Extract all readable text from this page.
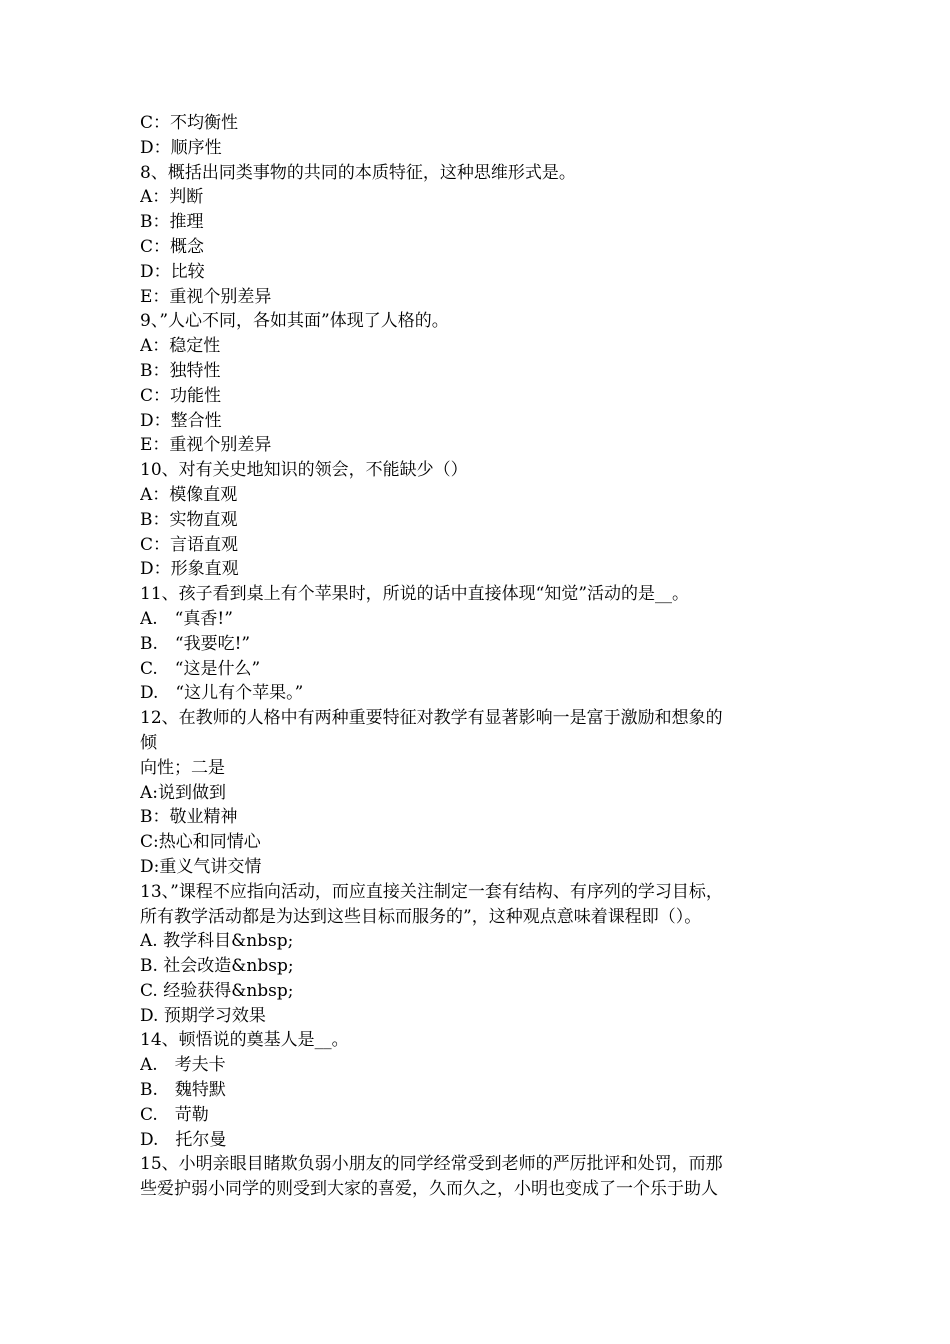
C：不均衡性
D：顺序性
8、概括出同类事物的共同的本质特征，这种思维形式是。
A：判断
B：推理
C：概念
D：比较
E：重视个别差异
9、”人心不同，各如其面”体现了人格的。
A：稳定性
B：独特性
C：功能性
D：整合性
E：重视个别差异
10、对有关史地知识的领会，不能缺少（）
A：模像直观
B：实物直观
C：言语直观
D：形象直观
11、孩子看到桌上有个苹果时，所说的话中直接体现“知觉”活动的是__。
A.　“真香!”
B.　“我要吃!”
C.　“这是什么”
D.　“这儿有个苹果。”
12、在教师的人格中有两种重要特征对教学有显著影响一是富于激励和想象的
倾
向性；二是
A:说到做到
B：敬业精神
C:热心和同情心
D:重义气讲交情
13、”课程不应指向活动，而应直接关注制定一套有结构、有序列的学习目标，
所有教学活动都是为达到这些目标而服务的”，这种观点意味着课程即（）。
A. 教学科目&nbsp;
B. 社会改造&nbsp;
C. 经验获得&nbsp;
D. 预期学习效果
14、顿悟说的奠基人是__。
A.　考夫卡
B.　魏特默
C.　苛勒
D.　托尔曼
15、小明亲眼目睹欺负弱小朋友的同学经常受到老师的严厉批评和处罚，而那
些爱护弱小同学的则受到大家的喜爱，久而久之，小明也变成了一个乐于助人
